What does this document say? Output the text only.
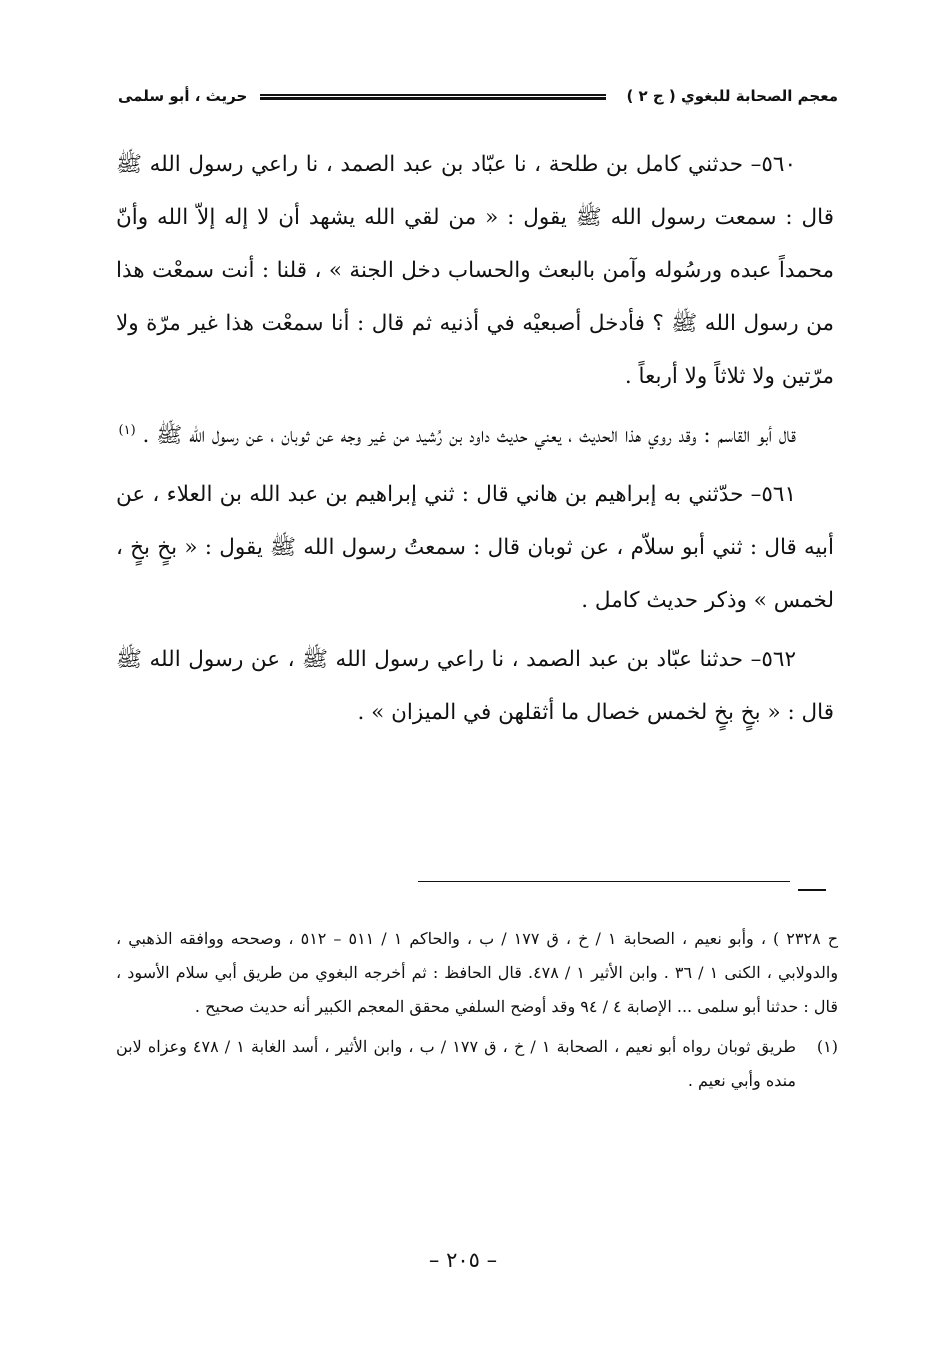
معجم الصحابة للبغوي ( ج ٢ )
حريث ، أبو سلمى

٥٦٠– حدثني كامل بن طلحة ، نا عبّاد بن عبد الصمد ، نا راعي رسول الله ﷺ قال : سمعت رسول الله ﷺ يقول : « من لقي الله يشهد أن لا إله إلاّ الله وأنّ محمداً عبده ورسُوله وآمن بالبعث والحساب دخل الجنة » ، قلنا : أنت سمعْت هذا من رسول الله ﷺ ؟ فأدخل أصبعيْه في أذنيه ثم قال : أنا سمعْت هذا غير مرّة ولا مرّتين ولا ثلاثاً ولا أربعاً .

قال أبو القاسم : وقد روي هذا الحديث ، يعني حديث داود بن رُشيد من غير وجه عن ثوبان ، عن رسول الله ﷺ . $^{(١)}$

٥٦١– حدّثني به إبراهيم بن هاني قال : ثني إبراهيم بن عبد الله بن العلاء ، عن أبيه قال : ثني أبو سلاّم ، عن ثوبان قال : سمعتُ رسول الله ﷺ يقول : « بخٍ بخٍ ، لخمس » وذكر حديث كامل .

٥٦٢– حدثنا عبّاد بن عبد الصمد ، نا راعي رسول الله ﷺ ، عن رسول الله ﷺ قال : « بخٍ بخٍ لخمس خصال ما أثقلهن في الميزان » .

ح ٢٣٢٨ ) ، وأبو نعيم ، الصحابة ١ / خ ، ق ١٧٧ / ب ، والحاكم ١ / ٥١١ – ٥١٢ ، وصححه ووافقه الذهبي ، والدولابي ، الكنى ١ / ٣٦ . وابن الأثير ١ / ٤٧٨. قال الحافظ : ثم أخرجه البغوي من طريق أبي سلام الأسود ، قال : حدثنا أبو سلمى ... الإصابة ٤ / ٩٤ وقد أوضح السلفي محقق المعجم الكبير أنه حديث صحيح .

(١)
طريق ثوبان رواه أبو نعيم ، الصحابة ١ / خ ، ق ١٧٧ / ب ، وابن الأثير ، أسد الغابة ١ / ٤٧٨ وعزاه لابن منده وأبي نعيم .
– ٢٠٥ –
